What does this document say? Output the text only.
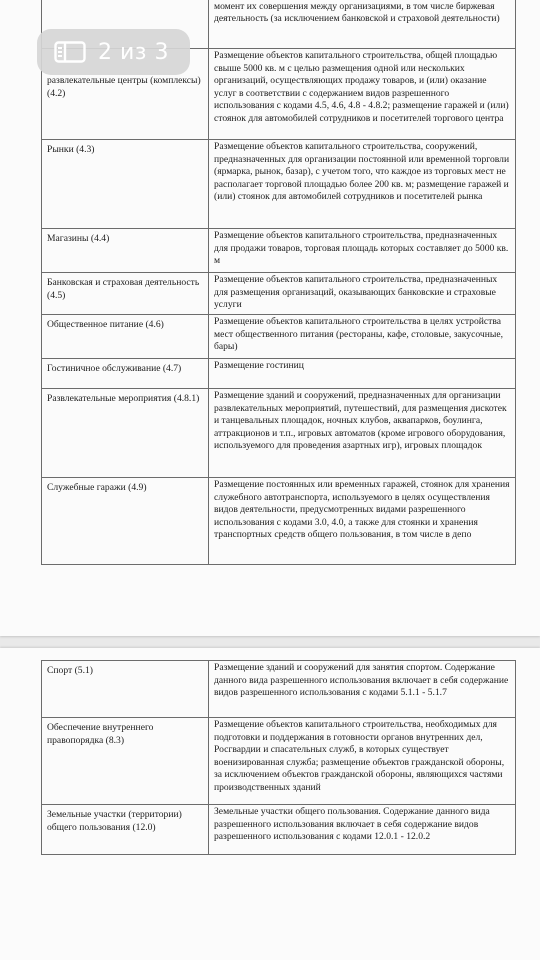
	момент их совершения между организациями, в том числе биржевая деятельность (за исключением банковской и страховой деятельности)
развлекательные центры (комплексы) (4.2)	Размещение объектов капитального строительства, общей площадью свыше 5000 кв. м с целью размещения одной или нескольких организаций, осуществляющих продажу товаров, и (или) оказание услуг в соответствии с содержанием видов разрешенного использования с кодами 4.5, 4.6, 4.8 - 4.8.2; размещение гаражей и (или) стоянок для автомобилей сотрудников и посетителей торгового центра
Рынки (4.3)	Размещение объектов капитального строительства, сооружений, предназначенных для организации постоянной или временной торговли (ярмарка, рынок, базар), с учетом того, что каждое из торговых мест не располагает торговой площадью более 200 кв. м; размещение гаражей и (или) стоянок для автомобилей сотрудников и посетителей рынка
Магазины (4.4)	Размещение объектов капитального строительства, предназначенных для продажи товаров, торговая площадь которых составляет до 5000 кв. м
Банковская и страховая деятельность (4.5)	Размещение объектов капитального строительства, предназначенных для размещения организаций, оказывающих банковские и страховые услуги
Общественное питание (4.6)	Размещение объектов капитального строительства в целях устройства мест общественного питания (рестораны, кафе, столовые, закусочные, бары)
Гостиничное обслуживание (4.7)	Размещение гостиниц
Развлекательные мероприятия (4.8.1)	Размещение зданий и сооружений, предназначенных для организации развлекательных мероприятий, путешествий, для размещения дискотек и танцевальных площадок, ночных клубов, аквапарков, боулинга, аттракционов и т.п., игровых автоматов (кроме игрового оборудования, используемого для проведения азартных игр), игровых площадок
Служебные гаражи (4.9)	Размещение постоянных или временных гаражей, стоянок для хранения служебного автотранспорта, используемого в целях осуществления видов деятельности, предусмотренных видами разрешенного использования с кодами 3.0, 4.0, а также для стоянки и хранения транспортных средств общего пользования, в том числе в депо
2 из 3
Спорт (5.1)	Размещение зданий и сооружений для занятия спортом. Содержание данного вида разрешенного использования включает в себя содержание видов разрешенного использования с кодами 5.1.1 - 5.1.7
Обеспечение внутреннего правопорядка (8.3)	Размещение объектов капитального строительства, необходимых для подготовки и поддержания в готовности органов внутренних дел, Росгвардии и спасательных служб, в которых существует военизированная служба; размещение объектов гражданской обороны, за исключением объектов гражданской обороны, являющихся частями производственных зданий
Земельные участки (территории) общего пользования (12.0)	Земельные участки общего пользования. Содержание данного вида разрешенного использования включает в себя содержание видов разрешенного использования с кодами 12.0.1 - 12.0.2
